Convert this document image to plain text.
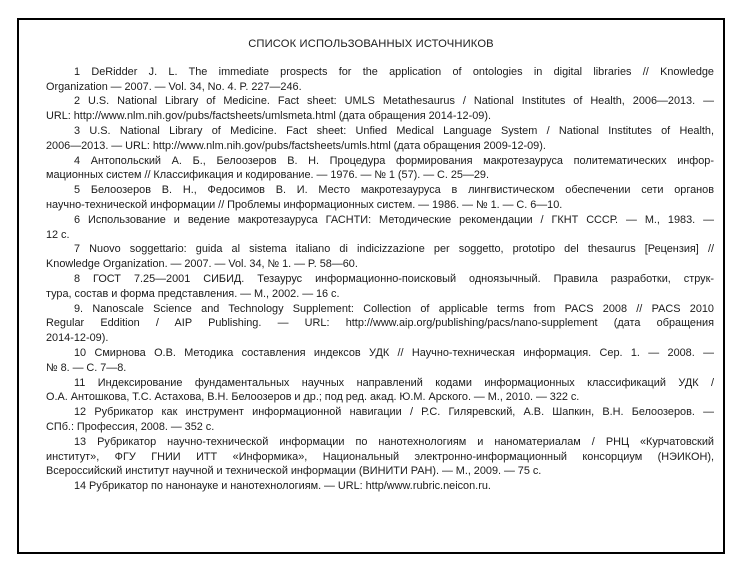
СПИСОК ИСПОЛЬЗОВАННЫХ ИСТОЧНИКОВ
1 DeRidder J. L. The immediate prospects for the application of ontologies in digital libraries // Knowledge
Organization — 2007. — Vol. 34, No. 4. P. 227—246.
2 U.S. National Library of Medicine. Fact sheet: UMLS Metathesaurus / National Institutes of Health, 2006—2013. —
URL: http://www.nlm.nih.gov/pubs/factsheets/umlsmeta.html (дата обращения 2014-12-09).
3 U.S. National Library of Medicine. Fact sheet: Unfied Medical Language System / National Institutes of Health,
2006—2013. — URL: http://www.nlm.nih.gov/pubs/factsheets/umls.html (дата обращения 2009-12-09).
4 Антопольский А. Б., Белоозеров В. Н. Процедура формирования макротезауруса политематических инфор-
мационных систем // Классификация и кодирование. — 1976. — № 1 (57). — С. 25—29.
5 Белоозеров В. Н., Федосимов В. И. Место макротезауруса в лингвистическом обеспечении сети органов
научно-технической информации // Проблемы информационных систем. — 1986. — № 1. — С. 6—10.
6 Использование и ведение макротезауруса ГАСНТИ: Методические рекомендации / ГКНТ СССР. — М., 1983. —
12 с.
7 Nuovo soggettario: guida al sistema italiano di indicizzazione per soggetto, prototipo del thesaurus [Рецензия] //
Knowledge Organization. — 2007. — Vol. 34, № 1. — P. 58—60.
8 ГОСТ 7.25—2001 СИБИД. Тезаурус информационно-поисковый одноязычный. Правила разработки, струк-
тура, состав и форма представления. — М., 2002. — 16 с.
9. Nanoscale Science and Technology Supplement: Collection of applicable terms from PACS 2008 // PACS 2010
Regular Eddition / AIP Publishing. — URL: http://www.aip.org/publishing/pacs/nano-supplement (дата обращения
2014-12-09).
10 Смирнова О.В. Методика составления индексов УДК // Научно-техническая информация. Сер. 1. — 2008. —
№ 8. — С. 7—8.
11 Индексирование фундаментальных научных направлений кодами информационных классификаций УДК /
О.А. Антошкова, Т.С. Астахова, В.Н. Белоозеров и др.; под ред. акад. Ю.М. Арского. — М., 2010. — 322 с.
12 Рубрикатор как инструмент информационной навигации / Р.С. Гиляревский, А.В. Шапкин, В.Н. Белоозеров. —
СПб.: Профессия, 2008. — 352 с.
13 Рубрикатор научно-технической информации по нанотехнологиям и наноматериалам / РНЦ «Курчатовский
институт», ФГУ ГНИИ ИТТ «Информика», Национальный электронно-информационный консорциум (НЭИКОН),
Всероссийский институт научной и технической информации (ВИНИТИ РАН). — М., 2009. — 75 с.
14 Рубрикатор по нанонауке и нанотехнологиям. — URL: http/www.rubric.neicon.ru.
